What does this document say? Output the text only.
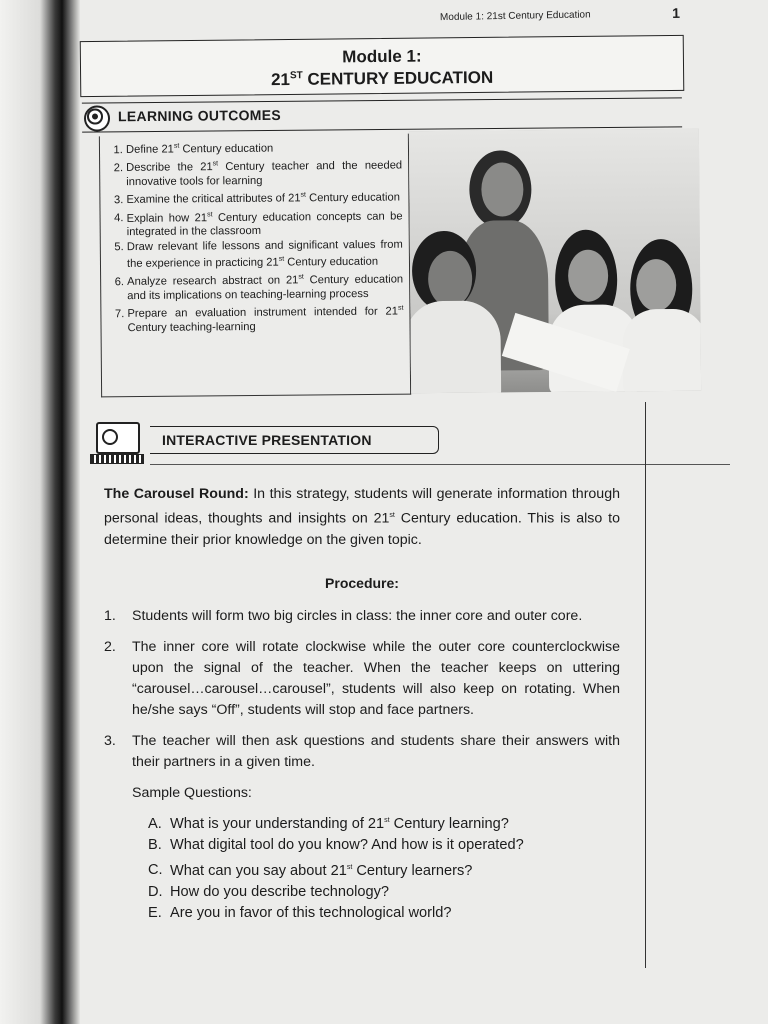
Module 1: 21st Century Education	1
Module 1:
21ST CENTURY EDUCATION
LEARNING OUTCOMES
1. Define 21st Century education
2. Describe the 21st Century teacher and the needed innovative tools for learning
3. Examine the critical attributes of 21st Century education
4. Explain how 21st Century education concepts can be integrated in the classroom
5. Draw relevant life lessons and significant values from the experience in practicing 21st Century education
6. Analyze research abstract on 21st Century education and its implications on teaching-learning process
7. Prepare an evaluation instrument intended for 21st Century teaching-learning
INTERACTIVE PRESENTATION

The Carousel Round: In this strategy, students will generate information through personal ideas, thoughts and insights on 21st Century education. This is also to determine their prior knowledge on the given topic.

Procedure:
1. Students will form two big circles in class: the inner core and outer core.
2. The inner core will rotate clockwise while the outer core counterclockwise upon the signal of the teacher. When the teacher keeps on uttering “carousel…carousel…carousel”, students will also keep on rotating. When he/she says “Off”, students will stop and face partners.
3. The teacher will then ask questions and students share their answers with their partners in a given time.
Sample Questions:
A. What is your understanding of 21st Century learning?
B. What digital tool do you know? And how is it operated?
C. What can you say about 21st Century learners?
D. How do you describe technology?
E. Are you in favor of this technological world?
